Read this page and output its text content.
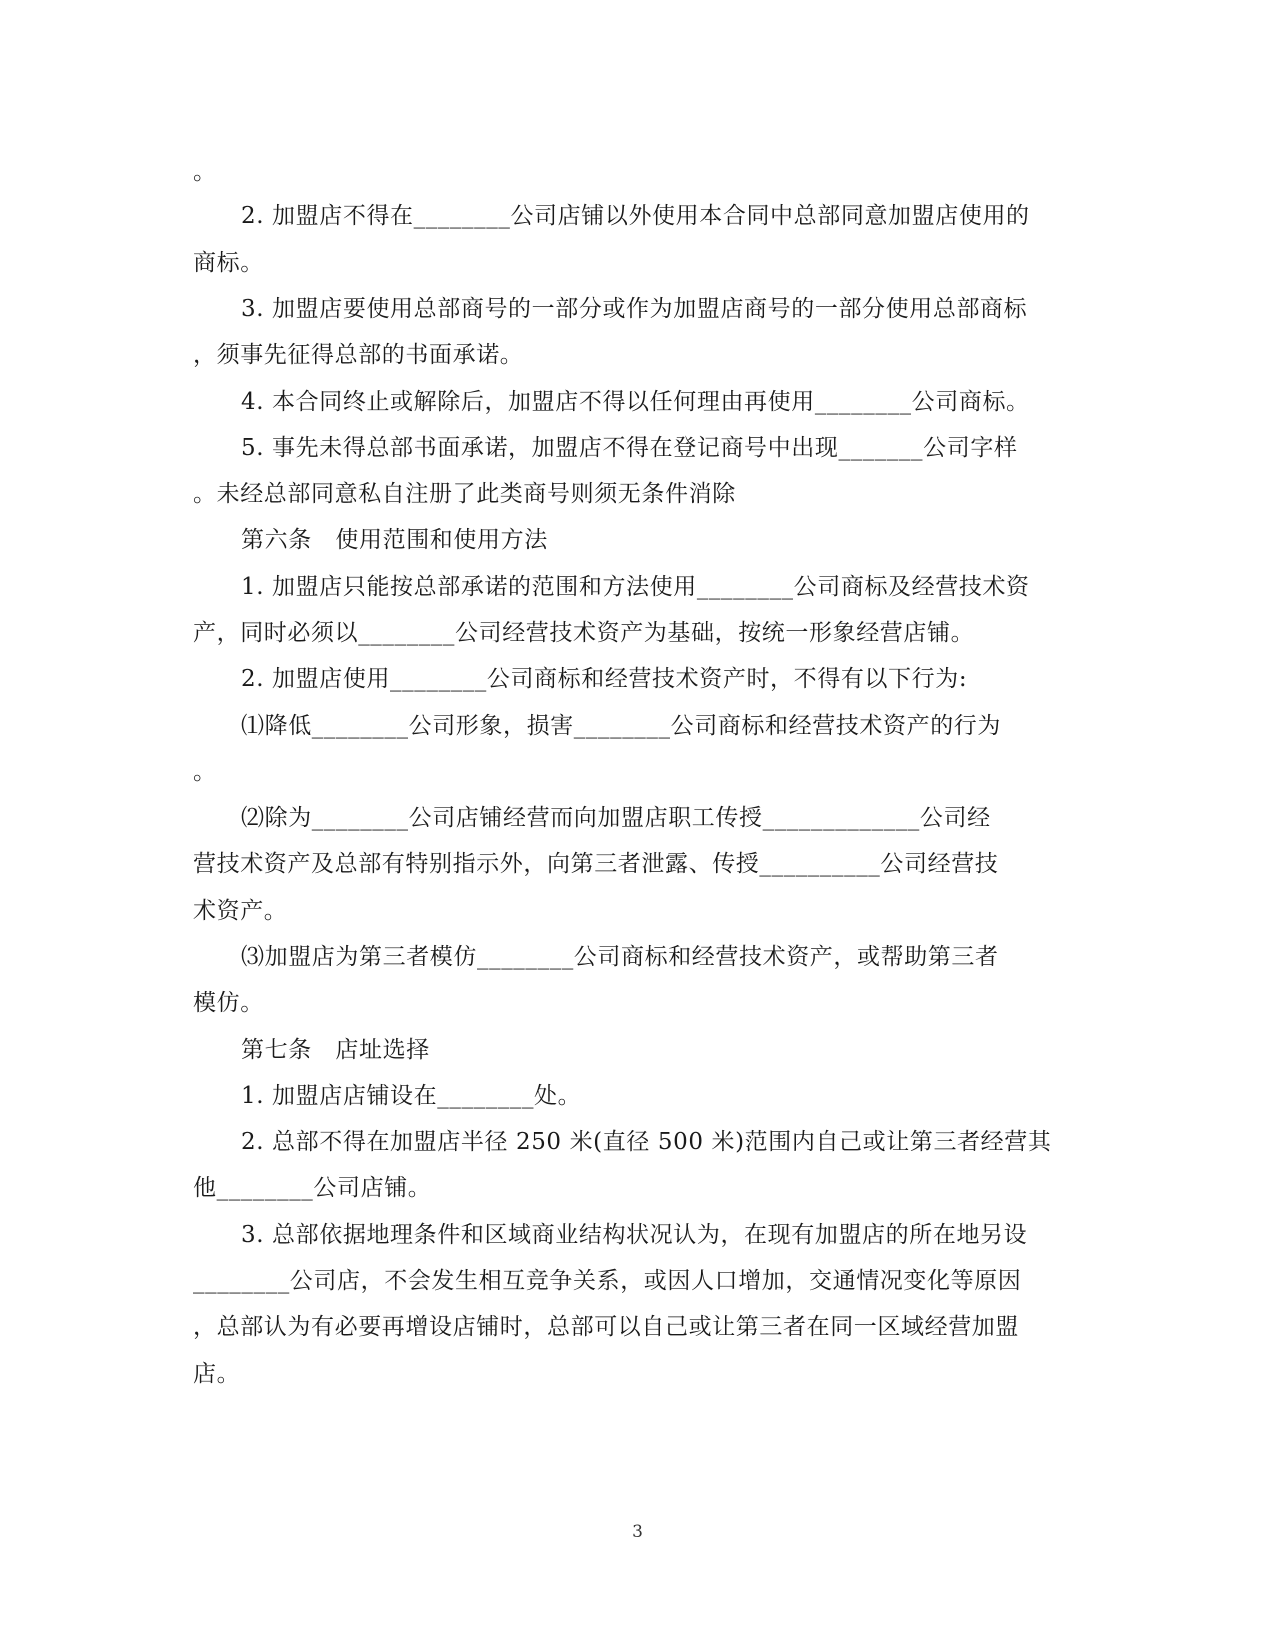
。
2. 加盟店不得在________公司店铺以外使用本合同中总部同意加盟店使用的
商标。
3. 加盟店要使用总部商号的一部分或作为加盟店商号的一部分使用总部商标
，须事先征得总部的书面承诺。
4. 本合同终止或解除后，加盟店不得以任何理由再使用________公司商标。
5. 事先未得总部书面承诺，加盟店不得在登记商号中出现_______公司字样
。未经总部同意私自注册了此类商号则须无条件消除
第六条　使用范围和使用方法
1. 加盟店只能按总部承诺的范围和方法使用________公司商标及经营技术资
产，同时必须以________公司经营技术资产为基础，按统一形象经营店铺。
2. 加盟店使用________公司商标和经营技术资产时，不得有以下行为:
⑴降低________公司形象，损害________公司商标和经营技术资产的行为
。
⑵除为________公司店铺经营而向加盟店职工传授_____________公司经
营技术资产及总部有特别指示外，向第三者泄露、传授__________公司经营技
术资产。
⑶加盟店为第三者模仿________公司商标和经营技术资产，或帮助第三者
模仿。
第七条　店址选择
1. 加盟店店铺设在________处。
2. 总部不得在加盟店半径 250 米(直径 500 米)范围内自己或让第三者经营其
他________公司店铺。
3. 总部依据地理条件和区域商业结构状况认为，在现有加盟店的所在地另设
________公司店，不会发生相互竞争关系，或因人口增加，交通情况变化等原因
，总部认为有必要再增设店铺时，总部可以自己或让第三者在同一区域经营加盟
店。
3
